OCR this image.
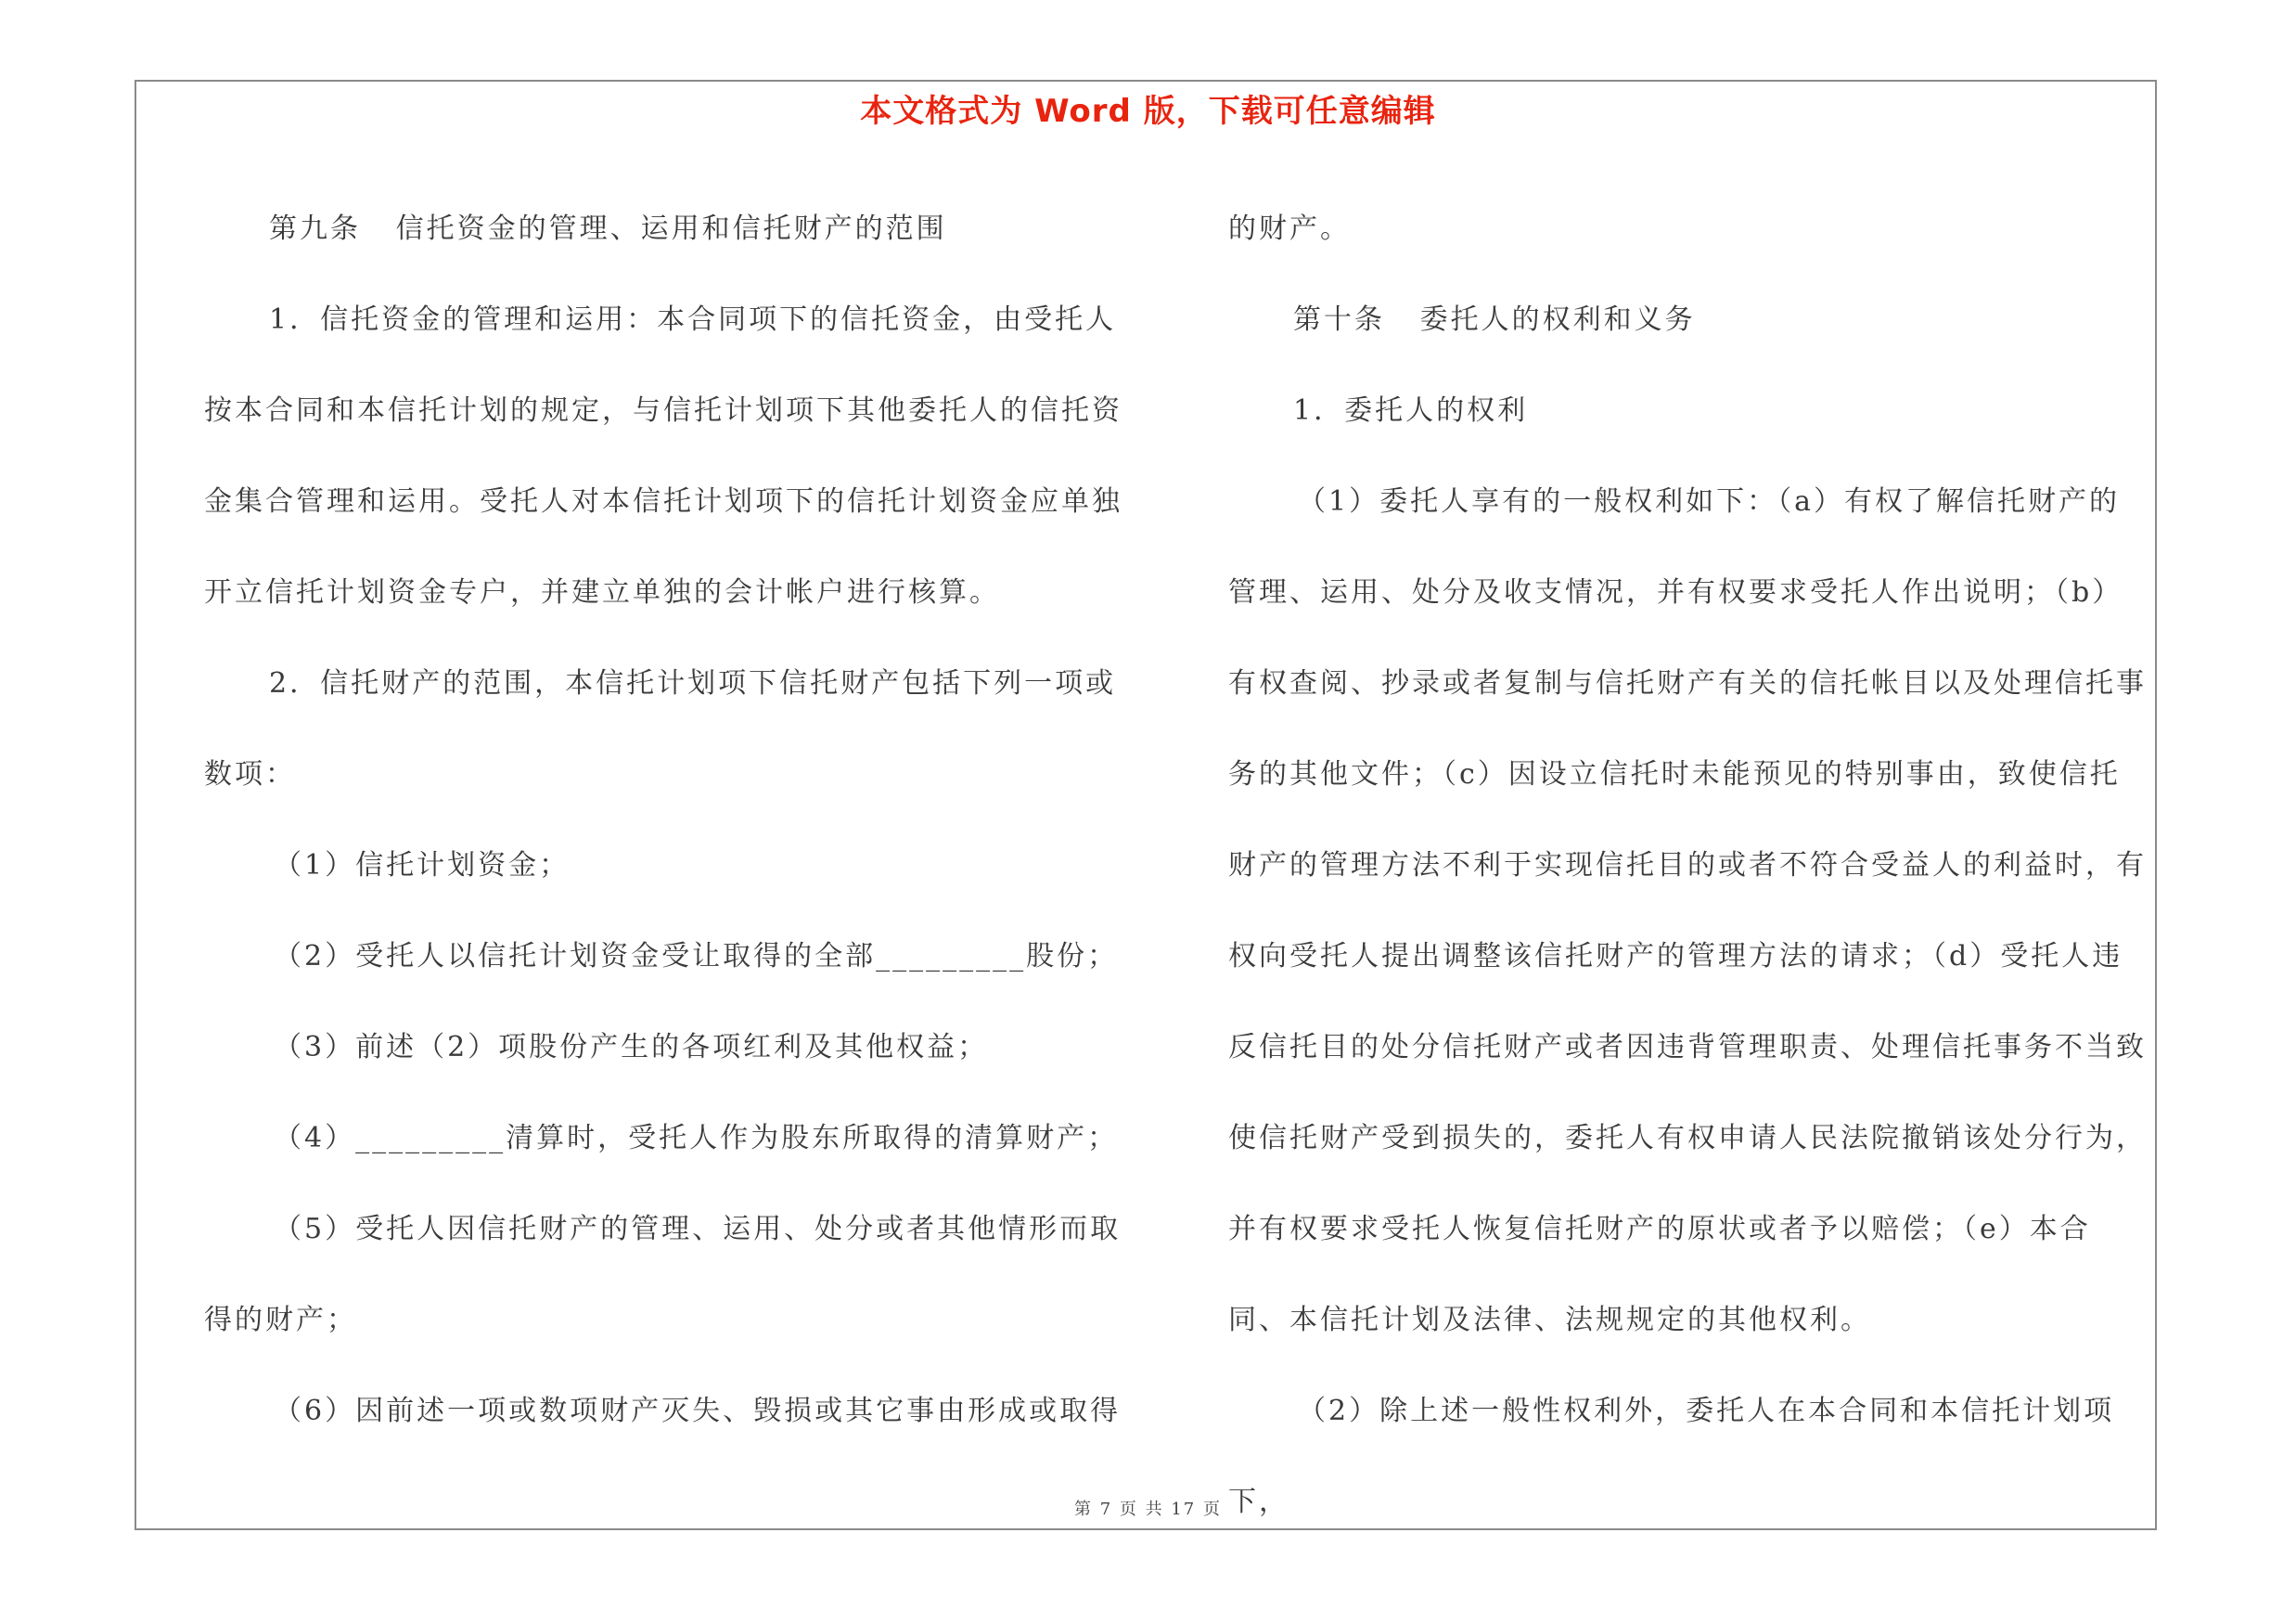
本文格式为 Word 版，下载可任意编辑

第九条   信托资金的管理、运用和信托财产的范围

1．信托资金的管理和运用：本合同项下的信托资金，由受托人按本合同和本信托计划的规定，与信托计划项下其他委托人的信托资金集合管理和运用。受托人对本信托计划项下的信托计划资金应单独开立信托计划资金专户，并建立单独的会计帐户进行核算。

2．信托财产的范围，本信托计划项下信托财产包括下列一项或数项：

（1）信托计划资金；

（2）受托人以信托计划资金受让取得的全部_________股份；

（3）前述（2）项股份产生的各项红利及其他权益；

（4）_________清算时，受托人作为股东所取得的清算财产；

（5）受托人因信托财产的管理、运用、处分或者其他情形而取得的财产；

（6）因前述一项或数项财产灭失、毁损或其它事由形成或取得

的财产。

第十条   委托人的权利和义务

1．委托人的权利

（1）委托人享有的一般权利如下：（a）有权了解信托财产的管理、运用、处分及收支情况，并有权要求受托人作出说明；（b）有权查阅、抄录或者复制与信托财产有关的信托帐目以及处理信托事务的其他文件；（c）因设立信托时未能预见的特别事由，致使信托财产的管理方法不利于实现信托目的或者不符合受益人的利益时，有权向受托人提出调整该信托财产的管理方法的请求；（d）受托人违反信托目的处分信托财产或者因违背管理职责、处理信托事务不当致使信托财产受到损失的，委托人有权申请人民法院撤销该处分行为，并有权要求受托人恢复信托财产的原状或者予以赔偿；（e）本合同、本信托计划及法律、法规规定的其他权利。

（2）除上述一般性权利外，委托人在本合同和本信托计划项下，

第 7 页 共 17 页
